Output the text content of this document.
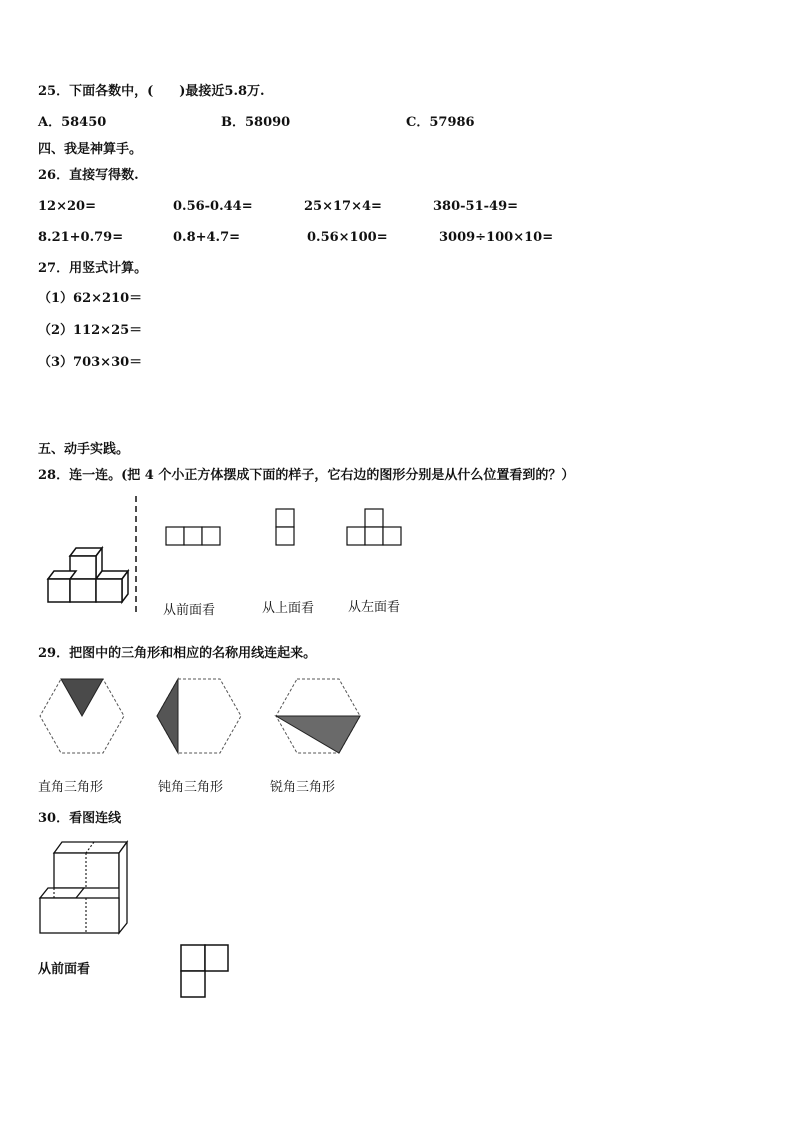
25．下面各数中，(　　)最接近5.8万.
A．58450	B．58090	C．57986
四、我是神算手。
26．直接写得数.
12×20=	0.56-0.44=	25×17×4=	380-51-49=
8.21+0.79=	0.8+4.7=	0.56×100=	3009÷100×10=
27．用竖式计算。
（1）62×210＝
（2）112×25＝
（3）703×30＝
五、动手实践。
28．连一连。(把 4 个小正方体摆成下面的样子，它右边的图形分别是从什么位置看到的？）
从前面看	从上面看	从左面看
29．把图中的三角形和相应的名称用线连起来。
直角三角形	钝角三角形	锐角三角形
30．看图连线
从前面看
